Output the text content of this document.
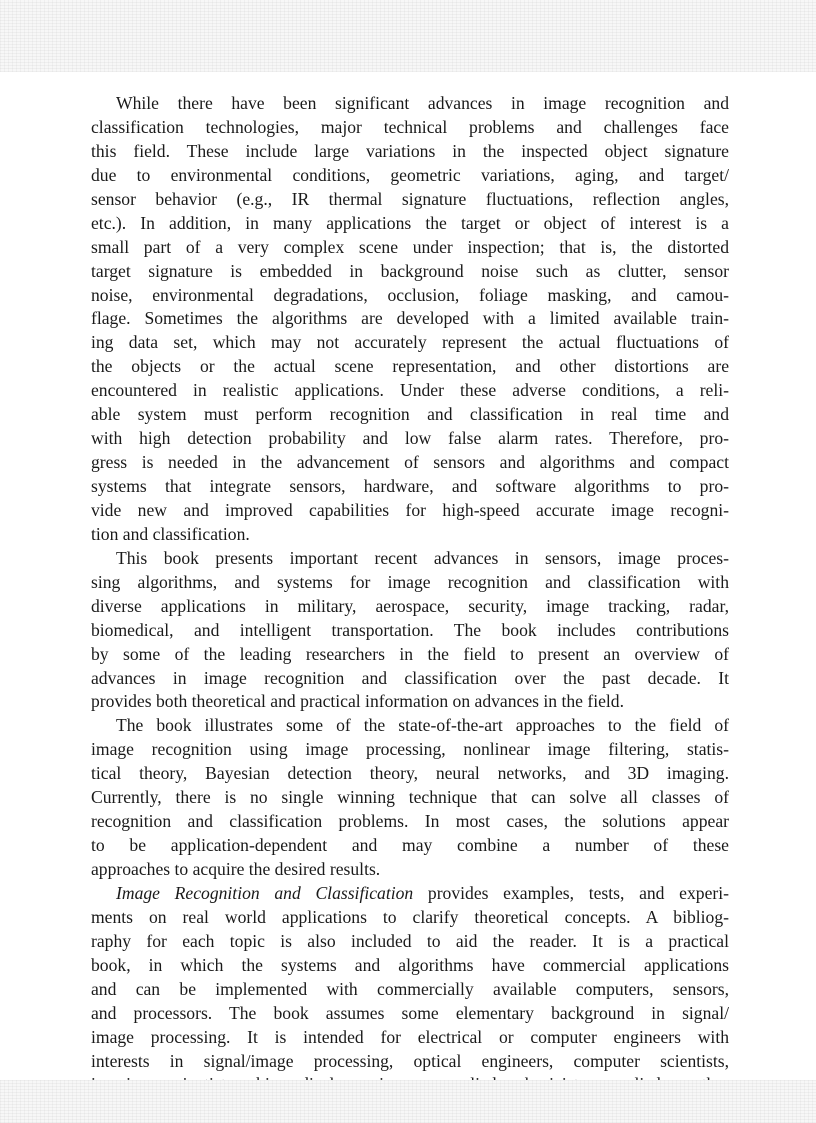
While there have been significant advances in image recognition and
classification technologies, major technical problems and challenges face
this field. These include large variations in the inspected object signature
due to environmental conditions, geometric variations, aging, and target/
sensor behavior (e.g., IR thermal signature fluctuations, reflection angles,
etc.). In addition, in many applications the target or object of interest is a
small part of a very complex scene under inspection; that is, the distorted
target signature is embedded in background noise such as clutter, sensor
noise, environmental degradations, occlusion, foliage masking, and camou-
flage. Sometimes the algorithms are developed with a limited available train-
ing data set, which may not accurately represent the actual fluctuations of
the objects or the actual scene representation, and other distortions are
encountered in realistic applications. Under these adverse conditions, a reli-
able system must perform recognition and classification in real time and
with high detection probability and low false alarm rates. Therefore, pro-
gress is needed in the advancement of sensors and algorithms and compact
systems that integrate sensors, hardware, and software algorithms to pro-
vide new and improved capabilities for high-speed accurate image recogni-
tion and classification.
This book presents important recent advances in sensors, image proces-
sing algorithms, and systems for image recognition and classification with
diverse applications in military, aerospace, security, image tracking, radar,
biomedical, and intelligent transportation. The book includes contributions
by some of the leading researchers in the field to present an overview of
advances in image recognition and classification over the past decade. It
provides both theoretical and practical information on advances in the field.
The book illustrates some of the state-of-the-art approaches to the field of
image recognition using image processing, nonlinear image filtering, statis-
tical theory, Bayesian detection theory, neural networks, and 3D imaging.
Currently, there is no single winning technique that can solve all classes of
recognition and classification problems. In most cases, the solutions appear
to be application-dependent and may combine a number of these
approaches to acquire the desired results.
Image Recognition and Classification provides examples, tests, and experi-
ments on real world applications to clarify theoretical concepts. A bibliog-
raphy for each topic is also included to aid the reader. It is a practical
book, in which the systems and algorithms have commercial applications
and can be implemented with commercially available computers, sensors,
and processors. The book assumes some elementary background in signal/
image processing. It is intended for electrical or computer engineers with
interests in signal/image processing, optical engineers, computer scientists,
